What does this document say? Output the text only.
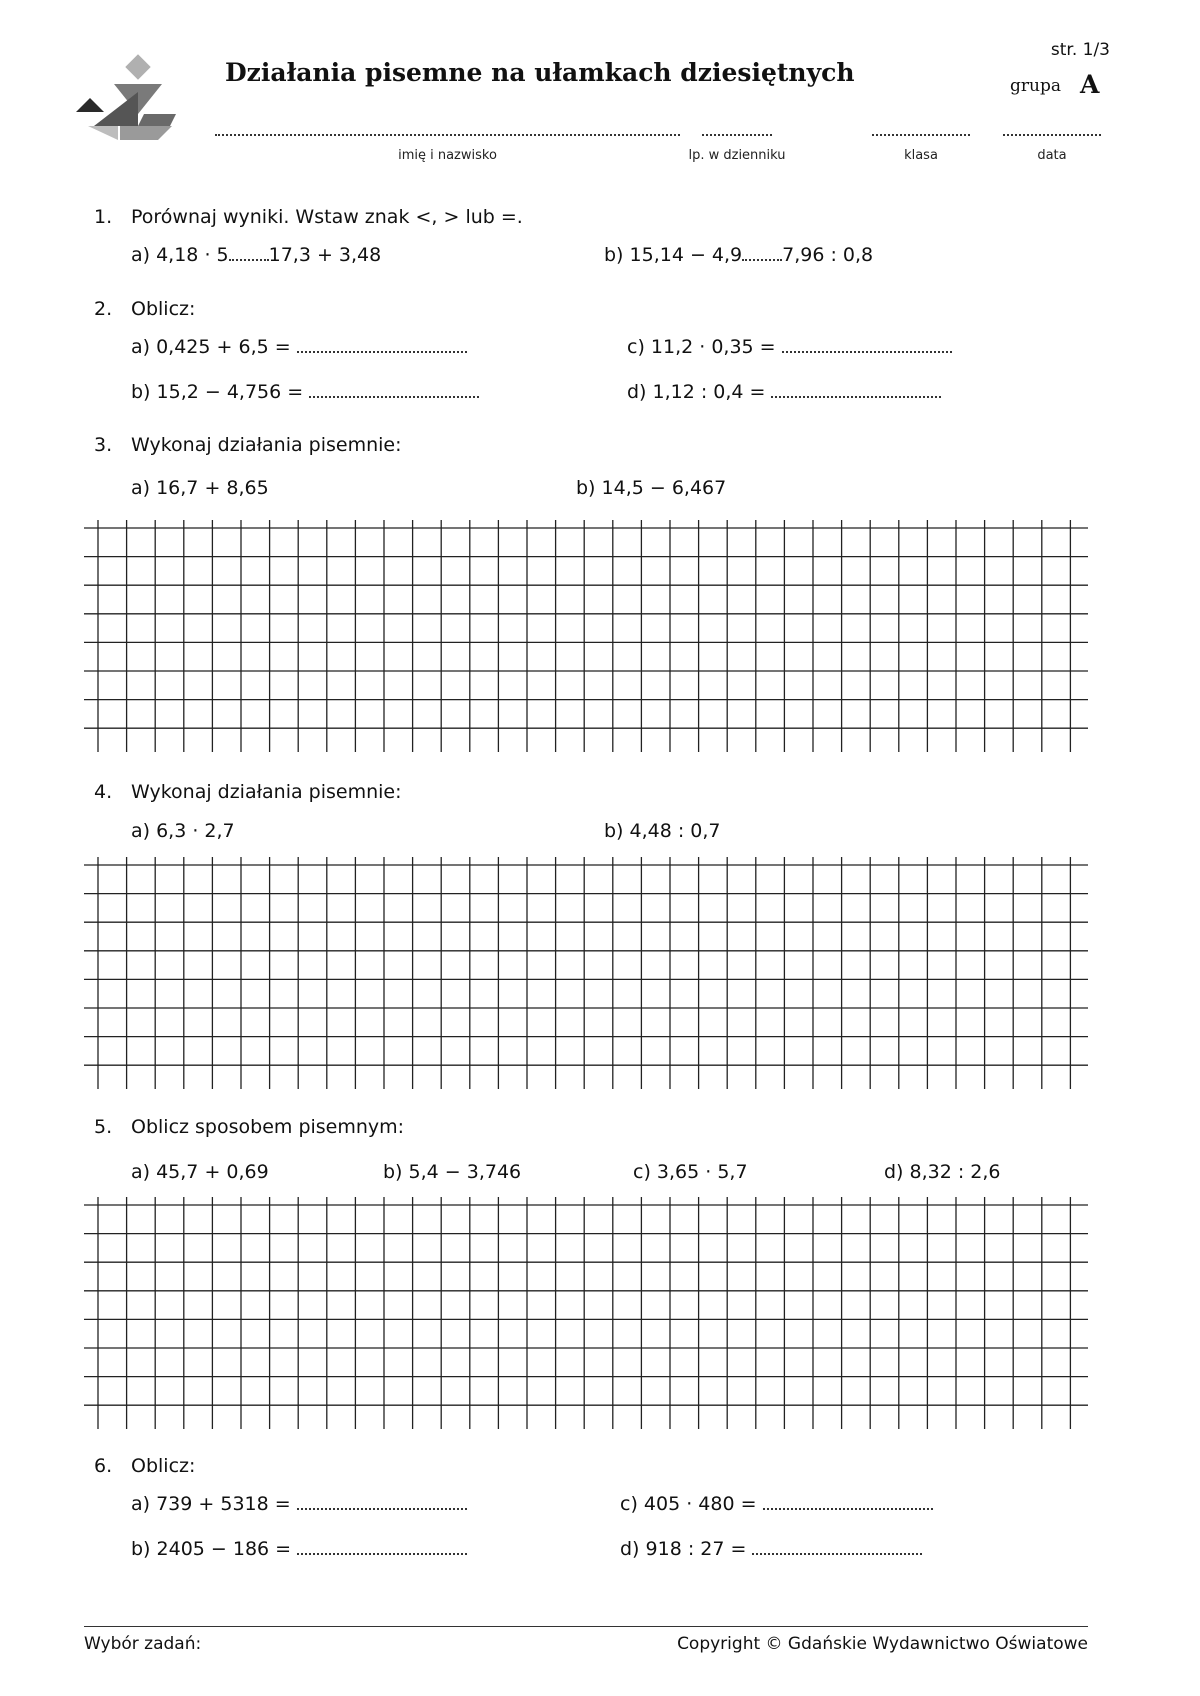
Działania pisemne na ułamkach dziesiętnych
str. 1/3
grupa A
imię i nazwisko	lp. w dzienniku	klasa	data
1. Porównaj wyniki. Wstaw znak <, > lub =.
a) 4,18 · 5 17,3 + 3,48	b) 15,14 − 4,9 7,96 : 0,8
2. Oblicz:
a) 0,425 + 6,5 =	c) 11,2 · 0,35 =
b) 15,2 − 4,756 =	d) 1,12 : 0,4 =
3. Wykonaj działania pisemnie:
a) 16,7 + 8,65	b) 14,5 − 6,467
4. Wykonaj działania pisemnie:
a) 6,3 · 2,7	b) 4,48 : 0,7
5. Oblicz sposobem pisemnym:
a) 45,7 + 0,69	b) 5,4 − 3,746	c) 3,65 · 5,7	d) 8,32 : 2,6
6. Oblicz:
a) 739 + 5318 =	c) 405 · 480 =
b) 2405 − 186 =	d) 918 : 27 =
Wybór zadań:	Copyright © Gdańskie Wydawnictwo Oświatowe
